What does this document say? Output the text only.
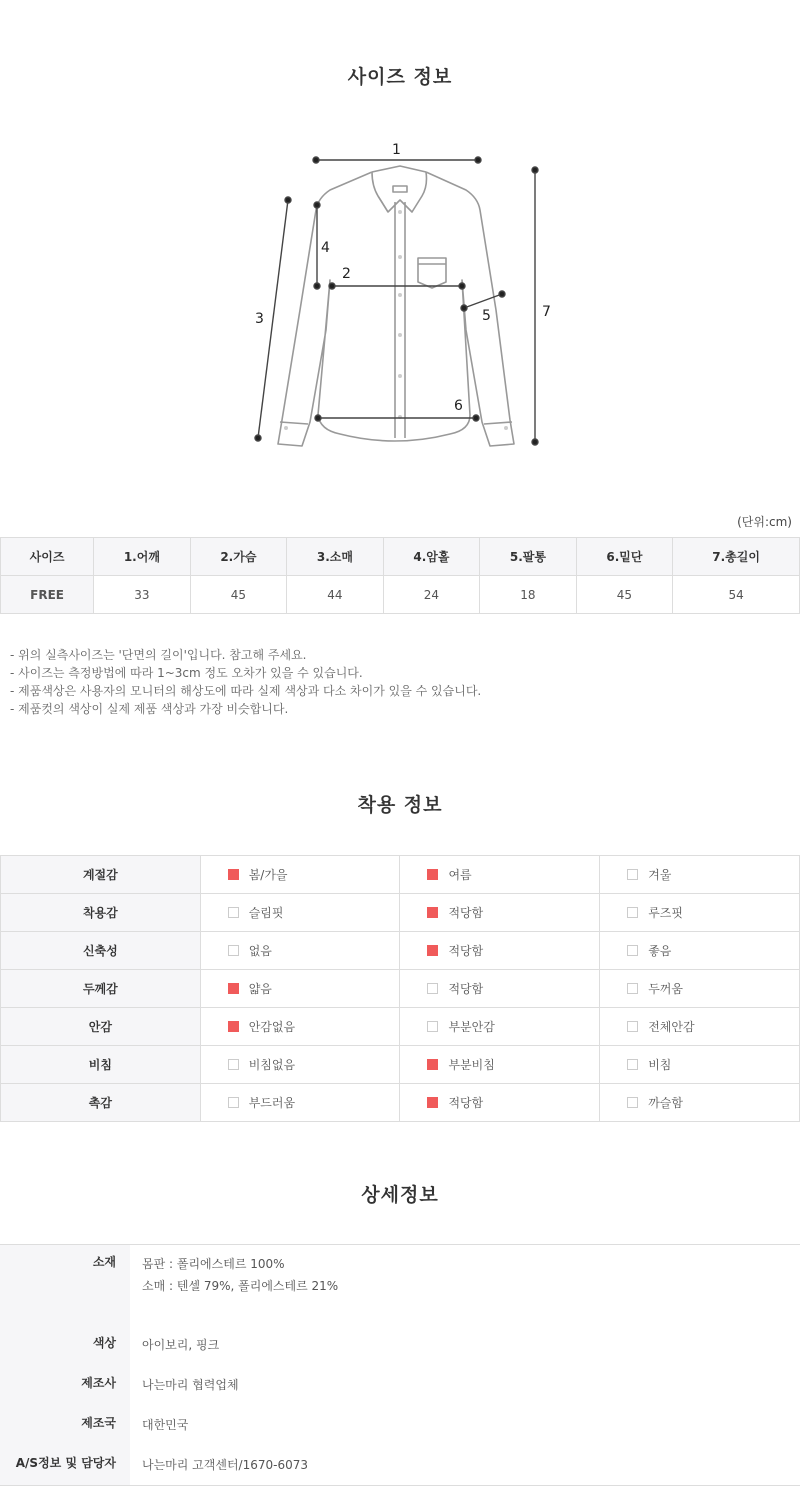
사이즈 정보
1
2
3
4
5
6
7
(단위:cm)
사이즈	1.어깨	2.가슴	3.소매	4.암홀	5.팔통	6.밑단	7.총길이
FREE	33	45	44	24	18	45	54
- 위의 실측사이즈는 '단면의 길이'입니다. 참고해 주세요.
- 사이즈는 측정방법에 따라 1~3cm 정도 오차가 있을 수 있습니다.
- 제품색상은 사용자의 모니터의 해상도에 따라 실제 색상과 다소 차이가 있을 수 있습니다.
- 제품컷의 색상이 실제 제품 색상과 가장 비슷합니다.
착용 정보
계절감	봄/가을	여름	겨울
착용감	슬림핏	적당함	루즈핏
신축성	없음	적당함	좋음
두께감	얇음	적당함	두꺼움
안감	안감없음	부분안감	전체안감
비침	비침없음	부분비침	비침
촉감	부드러움	적당함	까슬함
상세정보
소재	몸판 : 폴리에스테르 100%
소매 : 텐셀 79%, 폴리에스테르 21%
색상	아이보리, 핑크
제조사	나는마리 협력업체
제조국	대한민국
A/S정보 및 담당자	나는마리 고객센터/1670-6073
